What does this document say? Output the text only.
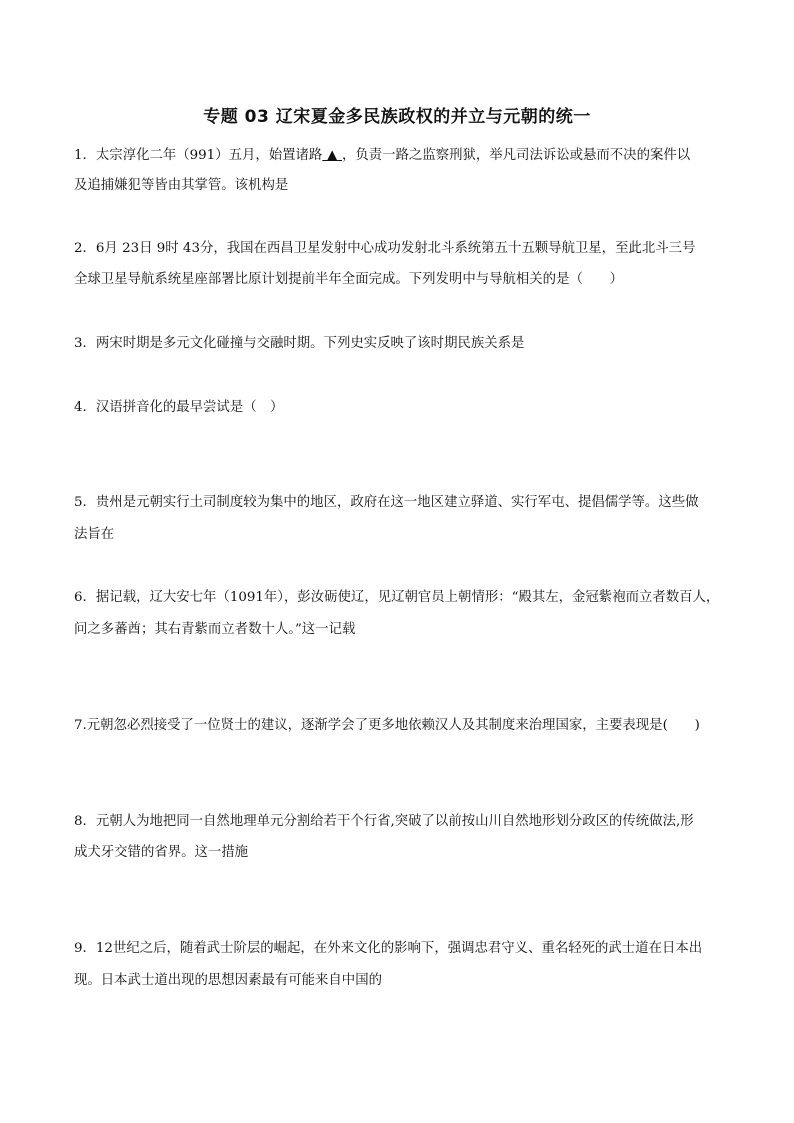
专题 03 辽宋夏金多民族政权的并立与元朝的统一
1．太宗淳化二年（991）五月，始置诸路 ▲ ，负责一路之监察刑狱，举凡司法诉讼或悬而不决的案件以
及追捕嫌犯等皆由其掌管。该机构是
2．6月 23日 9时 43分，我国在西昌卫星发射中心成功发射北斗系统第五十五颗导航卫星，至此北斗三号
全球卫星导航系统星座部署比原计划提前半年全面完成。下列发明中与导航相关的是（　　）
3．两宋时期是多元文化碰撞与交融时期。下列史实反映了该时期民族关系是
4．汉语拼音化的最早尝试是（　）
5．贵州是元朝实行土司制度较为集中的地区，政府在这一地区建立驿道、实行军屯、提倡儒学等。这些做
法旨在
6．据记载，辽大安七年（1091年），彭汝砺使辽，见辽朝官员上朝情形：“殿其左，金冠紫袍而立者数百人，
问之多蕃酋；其右青紫而立者数十人。”这一记载
7.元朝忽必烈接受了一位贤士的建议，逐渐学会了更多地依赖汉人及其制度来治理国家，主要表现是(　　)
8．元朝人为地把同一自然地理单元分割给若干个行省,突破了以前按山川自然地形划分政区的传统做法,形
成犬牙交错的省界。这一措施
9．12世纪之后，随着武士阶层的崛起，在外来文化的影响下，强调忠君守义、重名轻死的武士道在日本出
现。日本武士道出现的思想因素最有可能来自中国的
